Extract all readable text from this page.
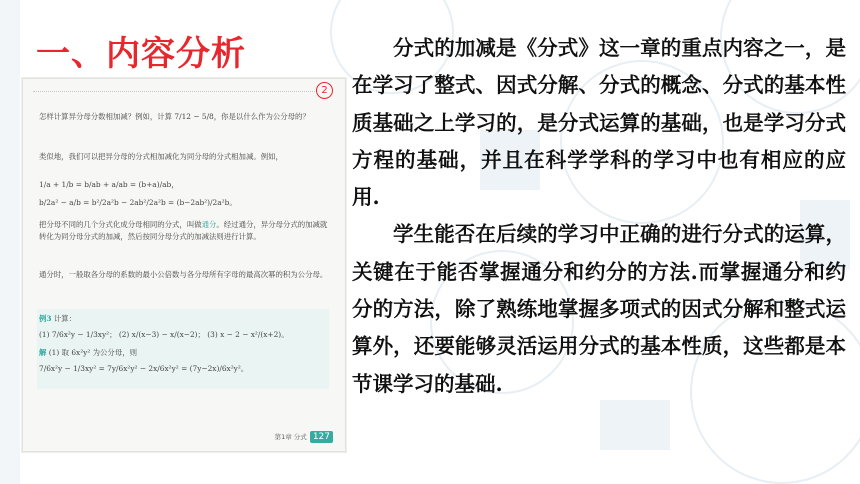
一、内容分析
2
怎样计算异分母分数相加减？例如，计算 7/12 − 5/8，你是以什么作为公分母的？
类似地，我们可以把异分母的分式相加减化为同分母的分式相加减。例如，
1/a + 1/b = b/ab + a/ab = (b+a)/ab，
b/2a² − a/b = b²/2a²b − 2ab²/2a²b = (b−2ab²)/2a²b。
把分母不同的几个分式化成分母相同的分式，叫做通分。经过通分，异分母分式的加减就转化为同分母分式的加减，然后按同分母分式的加减法则进行计算。
通分时，一般取各分母的系数的最小公倍数与各分母所有字母的最高次幂的积为公分母。
例3 计算：
(1) 7/6x²y − 1/3xy²； (2) x/(x−3) − x/(x−2)； (3) x − 2 − x²/(x+2)。
解 (1) 取 6x²y² 为公分母，则
7/6x²y − 1/3xy² = 7y/6x²y² − 2x/6x²y² = (7y−2x)/6x²y²。
第1章 分式 127

分式的加减是《分式》这一章的重点内容之一，是在学习了整式、因式分解、分式的概念、分式的基本性质基础之上学习的，是分式运算的基础，也是学习分式方程的基础，并且在科学学科的学习中也有相应的应用.

学生能否在后续的学习中正确的进行分式的运算，关键在于能否掌握通分和约分的方法.而掌握通分和约分的方法，除了熟练地掌握多项式的因式分解和整式运算外，还要能够灵活运用分式的基本性质，这些都是本节课学习的基础.
